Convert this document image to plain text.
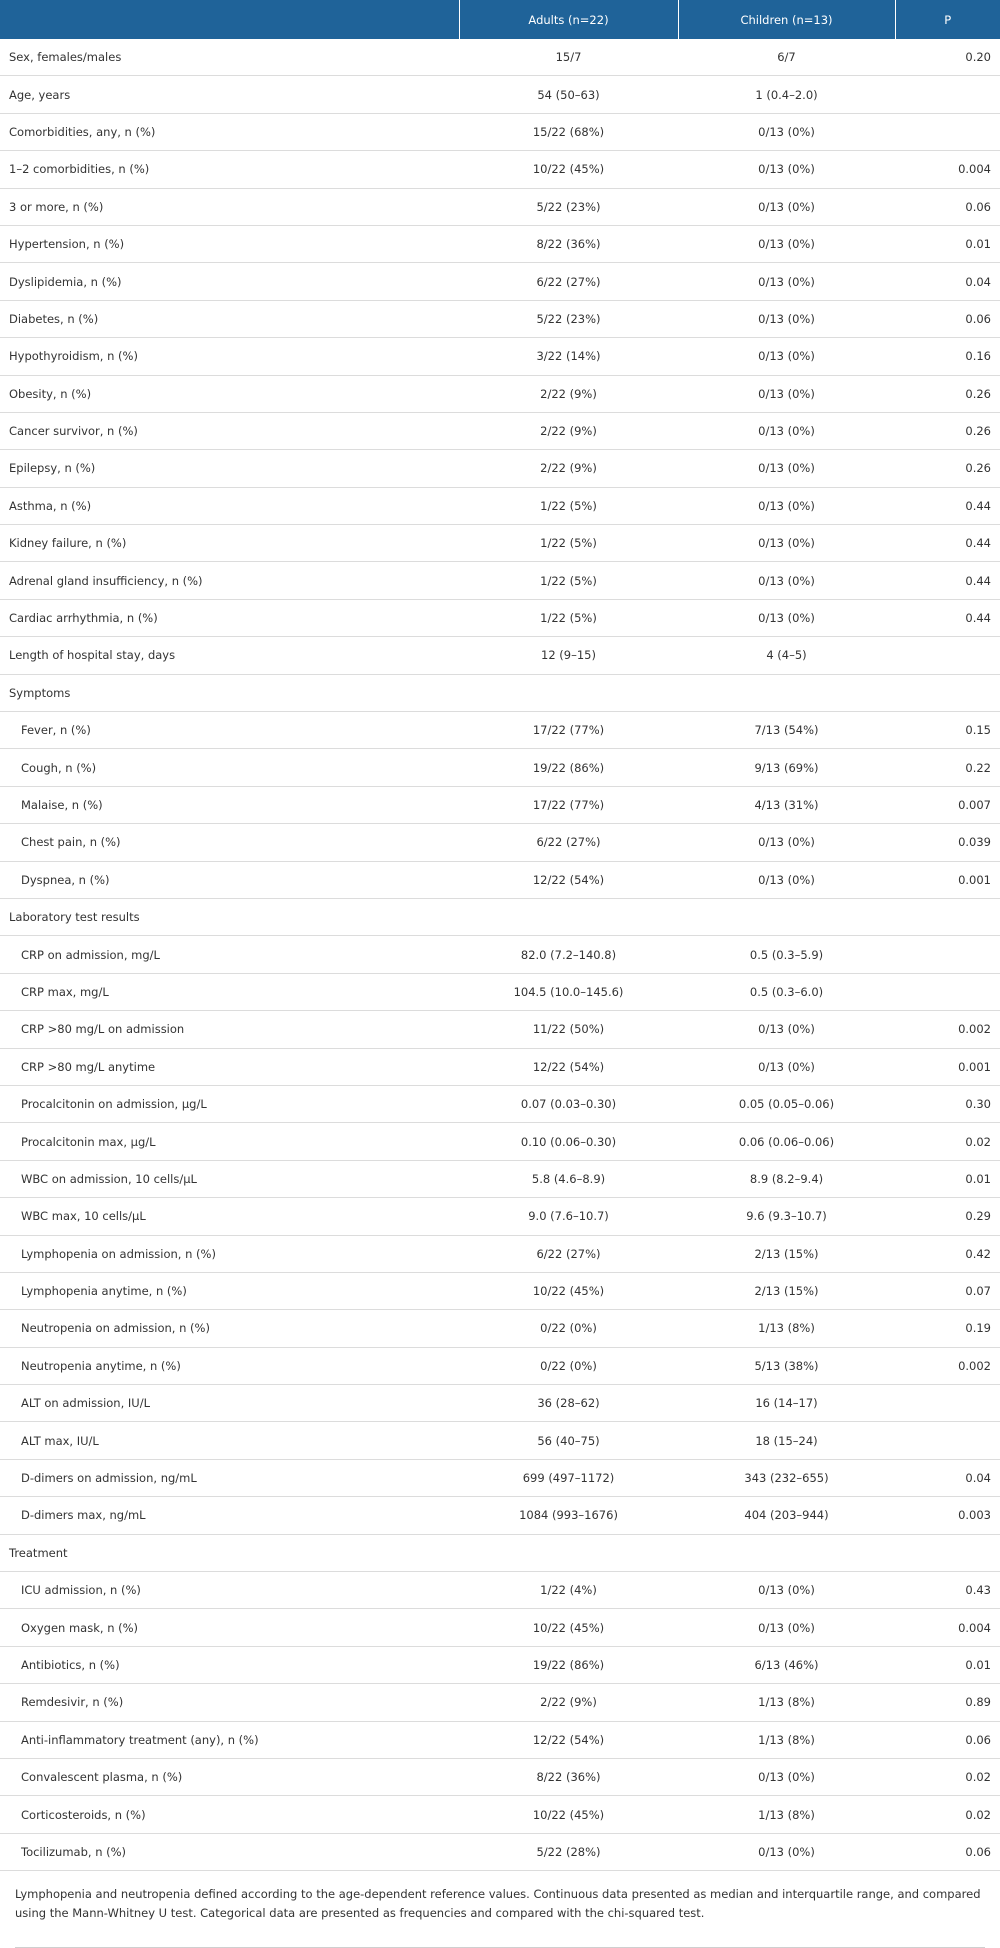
	Adults (n=22)	Children (n=13)	P
Sex, females/males	15/7	6/7	0.20
Age, years	54 (50–63)	1 (0.4–2.0)	
Comorbidities, any, n (%)	15/22 (68%)	0/13 (0%)	
1–2 comorbidities, n (%)	10/22 (45%)	0/13 (0%)	0.004
3 or more, n (%)	5/22 (23%)	0/13 (0%)	0.06
Hypertension, n (%)	8/22 (36%)	0/13 (0%)	0.01
Dyslipidemia, n (%)	6/22 (27%)	0/13 (0%)	0.04
Diabetes, n (%)	5/22 (23%)	0/13 (0%)	0.06
Hypothyroidism, n (%)	3/22 (14%)	0/13 (0%)	0.16
Obesity, n (%)	2/22 (9%)	0/13 (0%)	0.26
Cancer survivor, n (%)	2/22 (9%)	0/13 (0%)	0.26
Epilepsy, n (%)	2/22 (9%)	0/13 (0%)	0.26
Asthma, n (%)	1/22 (5%)	0/13 (0%)	0.44
Kidney failure, n (%)	1/22 (5%)	0/13 (0%)	0.44
Adrenal gland insufficiency, n (%)	1/22 (5%)	0/13 (0%)	0.44
Cardiac arrhythmia, n (%)	1/22 (5%)	0/13 (0%)	0.44
Length of hospital stay, days	12 (9–15)	4 (4–5)	
Symptoms			
Fever, n (%)	17/22 (77%)	7/13 (54%)	0.15
Cough, n (%)	19/22 (86%)	9/13 (69%)	0.22
Malaise, n (%)	17/22 (77%)	4/13 (31%)	0.007
Chest pain, n (%)	6/22 (27%)	0/13 (0%)	0.039
Dyspnea, n (%)	12/22 (54%)	0/13 (0%)	0.001
Laboratory test results			
CRP on admission, mg/L	82.0 (7.2–140.8)	0.5 (0.3–5.9)	
CRP max, mg/L	104.5 (10.0–145.6)	0.5 (0.3–6.0)	
CRP >80 mg/L on admission	11/22 (50%)	0/13 (0%)	0.002
CRP >80 mg/L anytime	12/22 (54%)	0/13 (0%)	0.001
Procalcitonin on admission, μg/L	0.07 (0.03–0.30)	0.05 (0.05–0.06)	0.30
Procalcitonin max, μg/L	0.10 (0.06–0.30)	0.06 (0.06–0.06)	0.02
WBC on admission, 10 cells/μL	5.8 (4.6–8.9)	8.9 (8.2–9.4)	0.01
WBC max, 10 cells/μL	9.0 (7.6–10.7)	9.6 (9.3–10.7)	0.29
Lymphopenia on admission, n (%)	6/22 (27%)	2/13 (15%)	0.42
Lymphopenia anytime, n (%)	10/22 (45%)	2/13 (15%)	0.07
Neutropenia on admission, n (%)	0/22 (0%)	1/13 (8%)	0.19
Neutropenia anytime, n (%)	0/22 (0%)	5/13 (38%)	0.002
ALT on admission, IU/L	36 (28–62)	16 (14–17)	
ALT max, IU/L	56 (40–75)	18 (15–24)	
D-dimers on admission, ng/mL	699 (497–1172)	343 (232–655)	0.04
D-dimers max, ng/mL	1084 (993–1676)	404 (203–944)	0.003
Treatment			
ICU admission, n (%)	1/22 (4%)	0/13 (0%)	0.43
Oxygen mask, n (%)	10/22 (45%)	0/13 (0%)	0.004
Antibiotics, n (%)	19/22 (86%)	6/13 (46%)	0.01
Remdesivir, n (%)	2/22 (9%)	1/13 (8%)	0.89
Anti-inflammatory treatment (any), n (%)	12/22 (54%)	1/13 (8%)	0.06
Convalescent plasma, n (%)	8/22 (36%)	0/13 (0%)	0.02
Corticosteroids, n (%)	10/22 (45%)	1/13 (8%)	0.02
Tocilizumab, n (%)	5/22 (28%)	0/13 (0%)	0.06
Lymphopenia and neutropenia defined according to the age-dependent reference values. Continuous data presented as median and interquartile range, and compared using the Mann-Whitney U test. Categorical data are presented as frequencies and compared with the chi-squared test.
